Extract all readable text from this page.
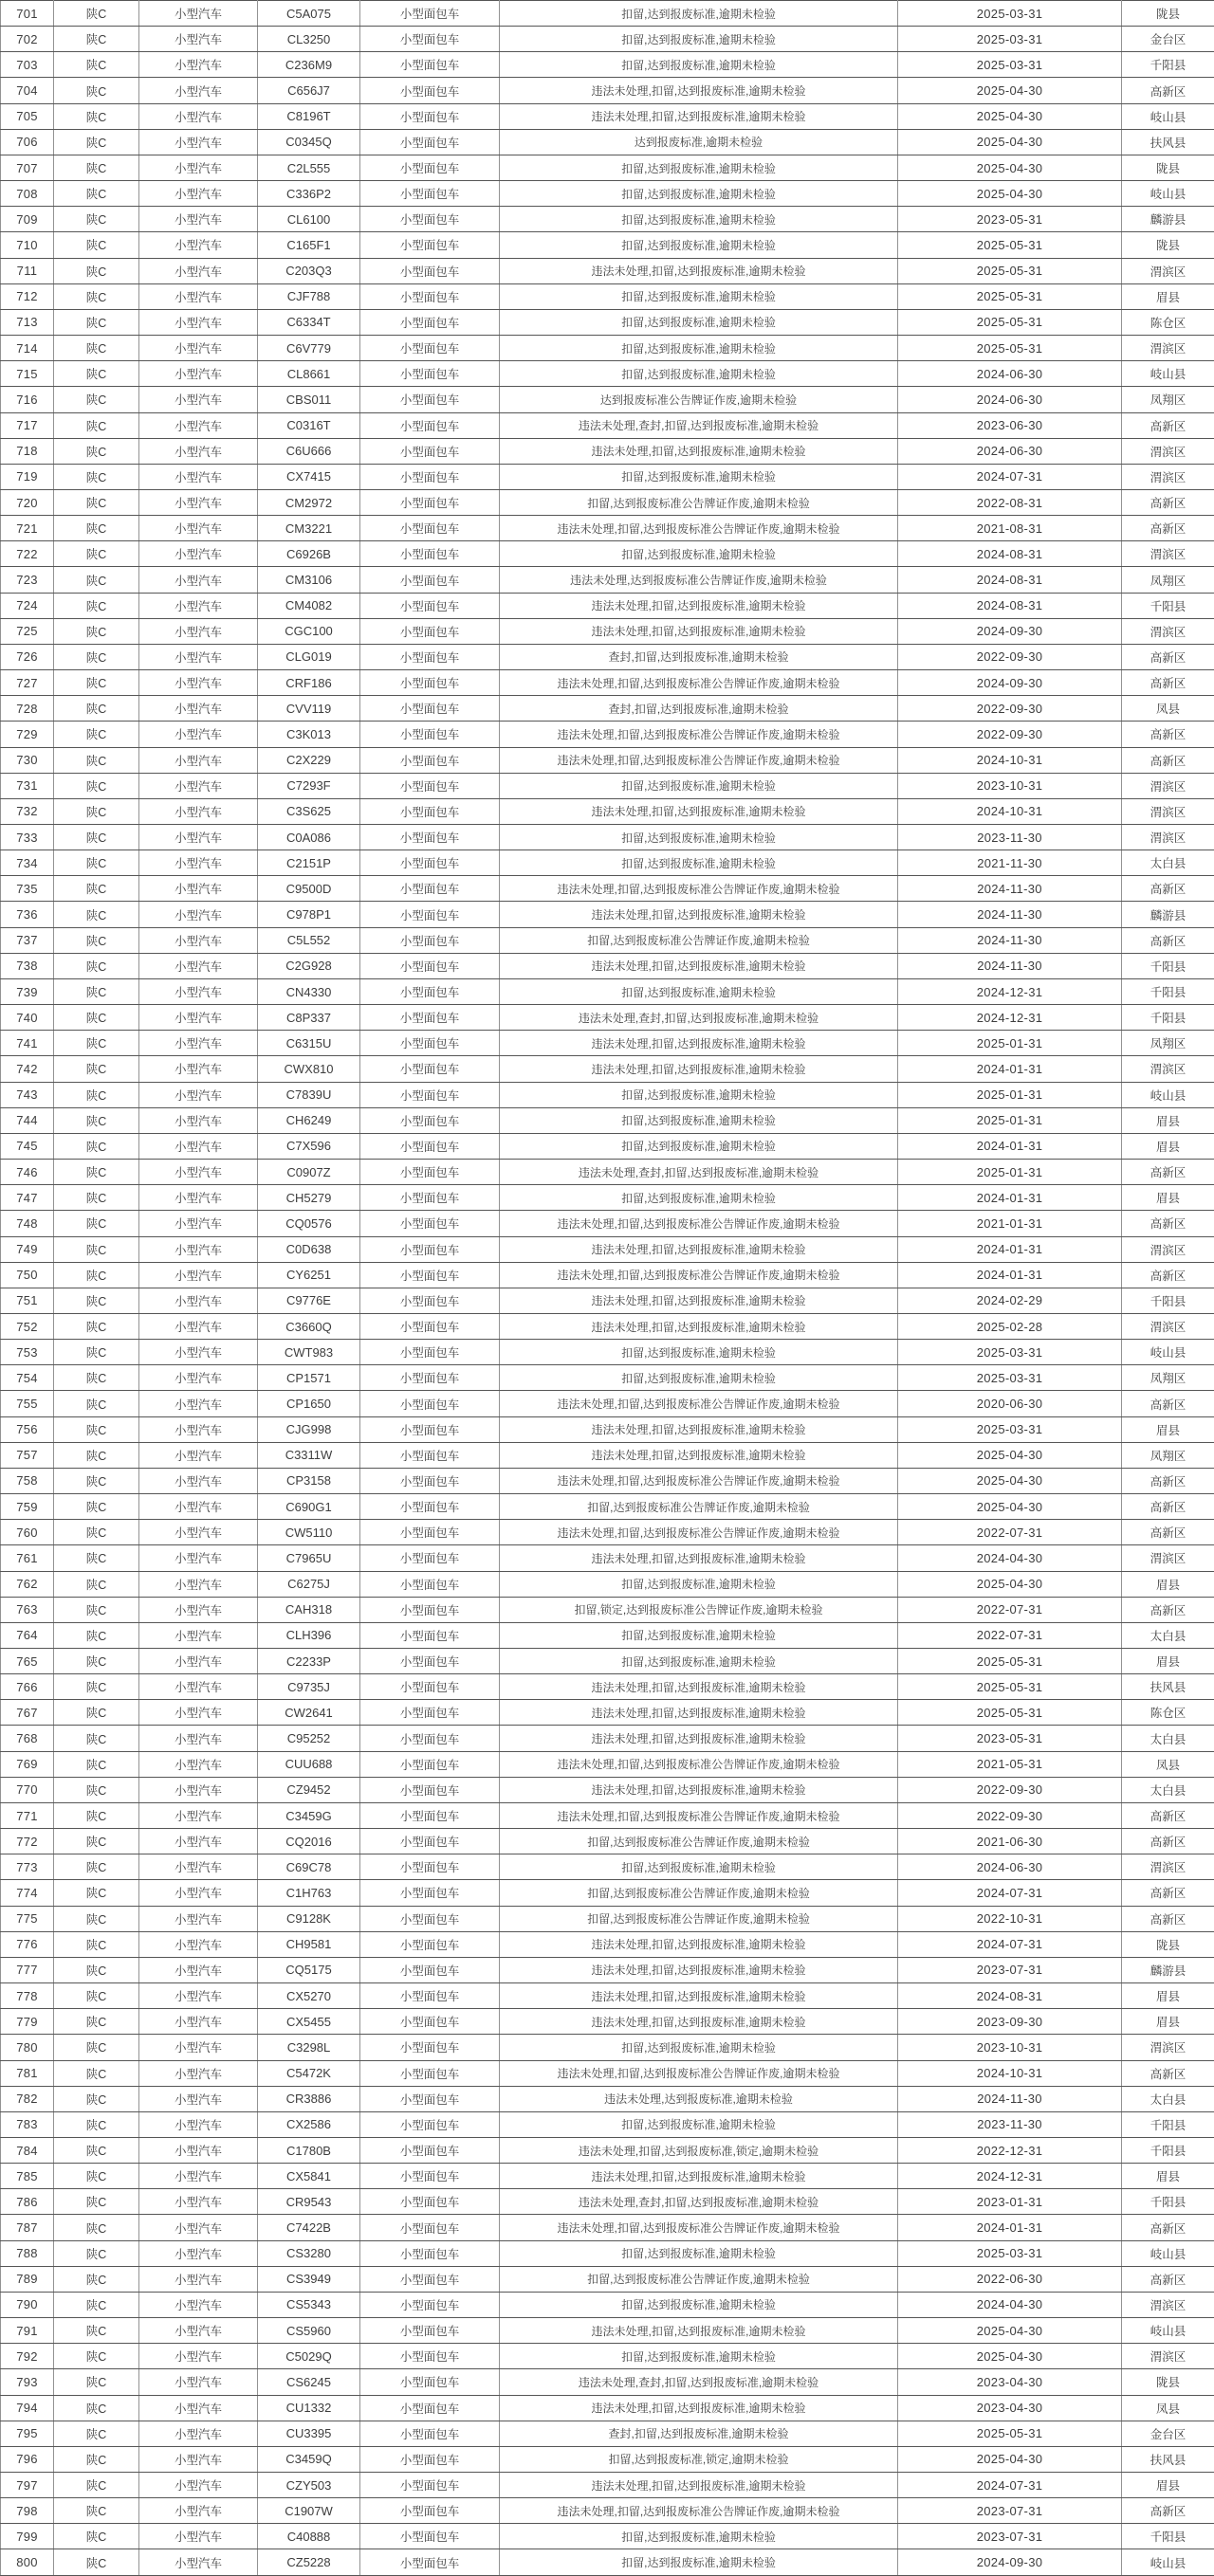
701	陕C	小型汽车	C5A075	小型面包车	扣留,达到报废标准,逾期未检验	2025-03-31	陇县
702	陕C	小型汽车	CL3250	小型面包车	扣留,达到报废标准,逾期未检验	2025-03-31	金台区
703	陕C	小型汽车	C236M9	小型面包车	扣留,达到报废标准,逾期未检验	2025-03-31	千阳县
704	陕C	小型汽车	C656J7	小型面包车	违法未处理,扣留,达到报废标准,逾期未检验	2025-04-30	高新区
705	陕C	小型汽车	C8196T	小型面包车	违法未处理,扣留,达到报废标准,逾期未检验	2025-04-30	岐山县
706	陕C	小型汽车	C0345Q	小型面包车	达到报废标准,逾期未检验	2025-04-30	扶风县
707	陕C	小型汽车	C2L555	小型面包车	扣留,达到报废标准,逾期未检验	2025-04-30	陇县
708	陕C	小型汽车	C336P2	小型面包车	扣留,达到报废标准,逾期未检验	2025-04-30	岐山县
709	陕C	小型汽车	CL6100	小型面包车	扣留,达到报废标准,逾期未检验	2023-05-31	麟游县
710	陕C	小型汽车	C165F1	小型面包车	扣留,达到报废标准,逾期未检验	2025-05-31	陇县
711	陕C	小型汽车	C203Q3	小型面包车	违法未处理,扣留,达到报废标准,逾期未检验	2025-05-31	渭滨区
712	陕C	小型汽车	CJF788	小型面包车	扣留,达到报废标准,逾期未检验	2025-05-31	眉县
713	陕C	小型汽车	C6334T	小型面包车	扣留,达到报废标准,逾期未检验	2025-05-31	陈仓区
714	陕C	小型汽车	C6V779	小型面包车	扣留,达到报废标准,逾期未检验	2025-05-31	渭滨区
715	陕C	小型汽车	CL8661	小型面包车	扣留,达到报废标准,逾期未检验	2024-06-30	岐山县
716	陕C	小型汽车	CBS011	小型面包车	达到报废标准公告牌证作废,逾期未检验	2024-06-30	凤翔区
717	陕C	小型汽车	C0316T	小型面包车	违法未处理,查封,扣留,达到报废标准,逾期未检验	2023-06-30	高新区
718	陕C	小型汽车	C6U666	小型面包车	违法未处理,扣留,达到报废标准,逾期未检验	2024-06-30	渭滨区
719	陕C	小型汽车	CX7415	小型面包车	扣留,达到报废标准,逾期未检验	2024-07-31	渭滨区
720	陕C	小型汽车	CM2972	小型面包车	扣留,达到报废标准公告牌证作废,逾期未检验	2022-08-31	高新区
721	陕C	小型汽车	CM3221	小型面包车	违法未处理,扣留,达到报废标准公告牌证作废,逾期未检验	2021-08-31	高新区
722	陕C	小型汽车	C6926B	小型面包车	扣留,达到报废标准,逾期未检验	2024-08-31	渭滨区
723	陕C	小型汽车	CM3106	小型面包车	违法未处理,达到报废标准公告牌证作废,逾期未检验	2024-08-31	凤翔区
724	陕C	小型汽车	CM4082	小型面包车	违法未处理,扣留,达到报废标准,逾期未检验	2024-08-31	千阳县
725	陕C	小型汽车	CGC100	小型面包车	违法未处理,扣留,达到报废标准,逾期未检验	2024-09-30	渭滨区
726	陕C	小型汽车	CLG019	小型面包车	查封,扣留,达到报废标准,逾期未检验	2022-09-30	高新区
727	陕C	小型汽车	CRF186	小型面包车	违法未处理,扣留,达到报废标准公告牌证作废,逾期未检验	2024-09-30	高新区
728	陕C	小型汽车	CVV119	小型面包车	查封,扣留,达到报废标准,逾期未检验	2022-09-30	凤县
729	陕C	小型汽车	C3K013	小型面包车	违法未处理,扣留,达到报废标准公告牌证作废,逾期未检验	2022-09-30	高新区
730	陕C	小型汽车	C2X229	小型面包车	违法未处理,扣留,达到报废标准公告牌证作废,逾期未检验	2024-10-31	高新区
731	陕C	小型汽车	C7293F	小型面包车	扣留,达到报废标准,逾期未检验	2023-10-31	渭滨区
732	陕C	小型汽车	C3S625	小型面包车	违法未处理,扣留,达到报废标准,逾期未检验	2024-10-31	渭滨区
733	陕C	小型汽车	C0A086	小型面包车	扣留,达到报废标准,逾期未检验	2023-11-30	渭滨区
734	陕C	小型汽车	C2151P	小型面包车	扣留,达到报废标准,逾期未检验	2021-11-30	太白县
735	陕C	小型汽车	C9500D	小型面包车	违法未处理,扣留,达到报废标准公告牌证作废,逾期未检验	2024-11-30	高新区
736	陕C	小型汽车	C978P1	小型面包车	违法未处理,扣留,达到报废标准,逾期未检验	2024-11-30	麟游县
737	陕C	小型汽车	C5L552	小型面包车	扣留,达到报废标准公告牌证作废,逾期未检验	2024-11-30	高新区
738	陕C	小型汽车	C2G928	小型面包车	违法未处理,扣留,达到报废标准,逾期未检验	2024-11-30	千阳县
739	陕C	小型汽车	CN4330	小型面包车	扣留,达到报废标准,逾期未检验	2024-12-31	千阳县
740	陕C	小型汽车	C8P337	小型面包车	违法未处理,查封,扣留,达到报废标准,逾期未检验	2024-12-31	千阳县
741	陕C	小型汽车	C6315U	小型面包车	违法未处理,扣留,达到报废标准,逾期未检验	2025-01-31	凤翔区
742	陕C	小型汽车	CWX810	小型面包车	违法未处理,扣留,达到报废标准,逾期未检验	2024-01-31	渭滨区
743	陕C	小型汽车	C7839U	小型面包车	扣留,达到报废标准,逾期未检验	2025-01-31	岐山县
744	陕C	小型汽车	CH6249	小型面包车	扣留,达到报废标准,逾期未检验	2025-01-31	眉县
745	陕C	小型汽车	C7X596	小型面包车	扣留,达到报废标准,逾期未检验	2024-01-31	眉县
746	陕C	小型汽车	C0907Z	小型面包车	违法未处理,查封,扣留,达到报废标准,逾期未检验	2025-01-31	高新区
747	陕C	小型汽车	CH5279	小型面包车	扣留,达到报废标准,逾期未检验	2024-01-31	眉县
748	陕C	小型汽车	CQ0576	小型面包车	违法未处理,扣留,达到报废标准公告牌证作废,逾期未检验	2021-01-31	高新区
749	陕C	小型汽车	C0D638	小型面包车	违法未处理,扣留,达到报废标准,逾期未检验	2024-01-31	渭滨区
750	陕C	小型汽车	CY6251	小型面包车	违法未处理,扣留,达到报废标准公告牌证作废,逾期未检验	2024-01-31	高新区
751	陕C	小型汽车	C9776E	小型面包车	违法未处理,扣留,达到报废标准,逾期未检验	2024-02-29	千阳县
752	陕C	小型汽车	C3660Q	小型面包车	违法未处理,扣留,达到报废标准,逾期未检验	2025-02-28	渭滨区
753	陕C	小型汽车	CWT983	小型面包车	扣留,达到报废标准,逾期未检验	2025-03-31	岐山县
754	陕C	小型汽车	CP1571	小型面包车	扣留,达到报废标准,逾期未检验	2025-03-31	凤翔区
755	陕C	小型汽车	CP1650	小型面包车	违法未处理,扣留,达到报废标准公告牌证作废,逾期未检验	2020-06-30	高新区
756	陕C	小型汽车	CJG998	小型面包车	违法未处理,扣留,达到报废标准,逾期未检验	2025-03-31	眉县
757	陕C	小型汽车	C3311W	小型面包车	违法未处理,扣留,达到报废标准,逾期未检验	2025-04-30	凤翔区
758	陕C	小型汽车	CP3158	小型面包车	违法未处理,扣留,达到报废标准公告牌证作废,逾期未检验	2025-04-30	高新区
759	陕C	小型汽车	C690G1	小型面包车	扣留,达到报废标准公告牌证作废,逾期未检验	2025-04-30	高新区
760	陕C	小型汽车	CW5110	小型面包车	违法未处理,扣留,达到报废标准公告牌证作废,逾期未检验	2022-07-31	高新区
761	陕C	小型汽车	C7965U	小型面包车	违法未处理,扣留,达到报废标准,逾期未检验	2024-04-30	渭滨区
762	陕C	小型汽车	C6275J	小型面包车	扣留,达到报废标准,逾期未检验	2025-04-30	眉县
763	陕C	小型汽车	CAH318	小型面包车	扣留,锁定,达到报废标准公告牌证作废,逾期未检验	2022-07-31	高新区
764	陕C	小型汽车	CLH396	小型面包车	扣留,达到报废标准,逾期未检验	2022-07-31	太白县
765	陕C	小型汽车	C2233P	小型面包车	扣留,达到报废标准,逾期未检验	2025-05-31	眉县
766	陕C	小型汽车	C9735J	小型面包车	违法未处理,扣留,达到报废标准,逾期未检验	2025-05-31	扶风县
767	陕C	小型汽车	CW2641	小型面包车	违法未处理,扣留,达到报废标准,逾期未检验	2025-05-31	陈仓区
768	陕C	小型汽车	C95252	小型面包车	违法未处理,扣留,达到报废标准,逾期未检验	2023-05-31	太白县
769	陕C	小型汽车	CUU688	小型面包车	违法未处理,扣留,达到报废标准公告牌证作废,逾期未检验	2021-05-31	凤县
770	陕C	小型汽车	CZ9452	小型面包车	违法未处理,扣留,达到报废标准,逾期未检验	2022-09-30	太白县
771	陕C	小型汽车	C3459G	小型面包车	违法未处理,扣留,达到报废标准公告牌证作废,逾期未检验	2022-09-30	高新区
772	陕C	小型汽车	CQ2016	小型面包车	扣留,达到报废标准公告牌证作废,逾期未检验	2021-06-30	高新区
773	陕C	小型汽车	C69C78	小型面包车	扣留,达到报废标准,逾期未检验	2024-06-30	渭滨区
774	陕C	小型汽车	C1H763	小型面包车	扣留,达到报废标准公告牌证作废,逾期未检验	2024-07-31	高新区
775	陕C	小型汽车	C9128K	小型面包车	扣留,达到报废标准公告牌证作废,逾期未检验	2022-10-31	高新区
776	陕C	小型汽车	CH9581	小型面包车	违法未处理,扣留,达到报废标准,逾期未检验	2024-07-31	陇县
777	陕C	小型汽车	CQ5175	小型面包车	违法未处理,扣留,达到报废标准,逾期未检验	2023-07-31	麟游县
778	陕C	小型汽车	CX5270	小型面包车	违法未处理,扣留,达到报废标准,逾期未检验	2024-08-31	眉县
779	陕C	小型汽车	CX5455	小型面包车	违法未处理,扣留,达到报废标准,逾期未检验	2023-09-30	眉县
780	陕C	小型汽车	C3298L	小型面包车	扣留,达到报废标准,逾期未检验	2023-10-31	渭滨区
781	陕C	小型汽车	C5472K	小型面包车	违法未处理,扣留,达到报废标准公告牌证作废,逾期未检验	2024-10-31	高新区
782	陕C	小型汽车	CR3886	小型面包车	违法未处理,达到报废标准,逾期未检验	2024-11-30	太白县
783	陕C	小型汽车	CX2586	小型面包车	扣留,达到报废标准,逾期未检验	2023-11-30	千阳县
784	陕C	小型汽车	C1780B	小型面包车	违法未处理,扣留,达到报废标准,锁定,逾期未检验	2022-12-31	千阳县
785	陕C	小型汽车	CX5841	小型面包车	违法未处理,扣留,达到报废标准,逾期未检验	2024-12-31	眉县
786	陕C	小型汽车	CR9543	小型面包车	违法未处理,查封,扣留,达到报废标准,逾期未检验	2023-01-31	千阳县
787	陕C	小型汽车	C7422B	小型面包车	违法未处理,扣留,达到报废标准公告牌证作废,逾期未检验	2024-01-31	高新区
788	陕C	小型汽车	CS3280	小型面包车	扣留,达到报废标准,逾期未检验	2025-03-31	岐山县
789	陕C	小型汽车	CS3949	小型面包车	扣留,达到报废标准公告牌证作废,逾期未检验	2022-06-30	高新区
790	陕C	小型汽车	CS5343	小型面包车	扣留,达到报废标准,逾期未检验	2024-04-30	渭滨区
791	陕C	小型汽车	CS5960	小型面包车	违法未处理,扣留,达到报废标准,逾期未检验	2025-04-30	岐山县
792	陕C	小型汽车	C5029Q	小型面包车	扣留,达到报废标准,逾期未检验	2025-04-30	渭滨区
793	陕C	小型汽车	CS6245	小型面包车	违法未处理,查封,扣留,达到报废标准,逾期未检验	2023-04-30	陇县
794	陕C	小型汽车	CU1332	小型面包车	违法未处理,扣留,达到报废标准,逾期未检验	2023-04-30	凤县
795	陕C	小型汽车	CU3395	小型面包车	查封,扣留,达到报废标准,逾期未检验	2025-05-31	金台区
796	陕C	小型汽车	C3459Q	小型面包车	扣留,达到报废标准,锁定,逾期未检验	2025-04-30	扶风县
797	陕C	小型汽车	CZY503	小型面包车	违法未处理,扣留,达到报废标准,逾期未检验	2024-07-31	眉县
798	陕C	小型汽车	C1907W	小型面包车	违法未处理,扣留,达到报废标准公告牌证作废,逾期未检验	2023-07-31	高新区
799	陕C	小型汽车	C40888	小型面包车	扣留,达到报废标准,逾期未检验	2023-07-31	千阳县
800	陕C	小型汽车	CZ5228	小型面包车	扣留,达到报废标准,逾期未检验	2024-09-30	岐山县
